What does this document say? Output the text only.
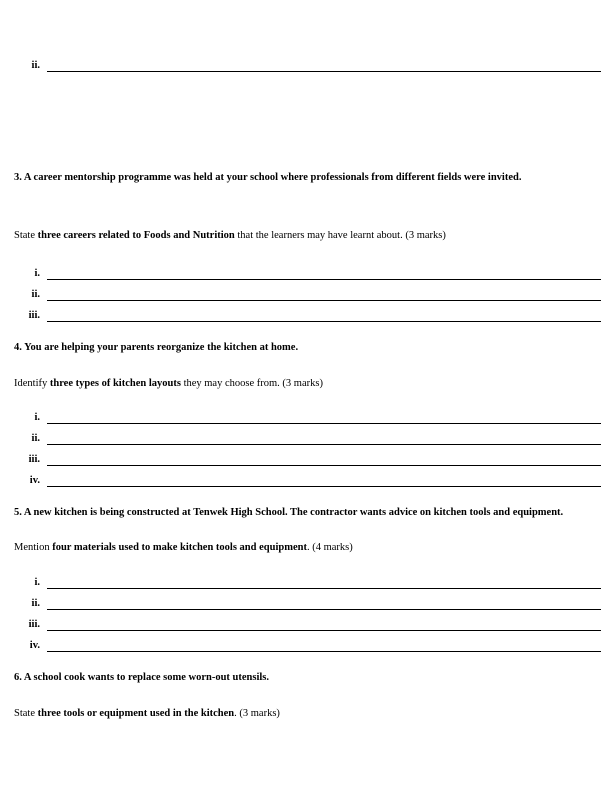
ii.

3. A career mentorship programme was held at your school where professionals from different fields were invited.

State three careers related to Foods and Nutrition that the learners may have learnt about. (3 marks)

i.
ii.
iii.

4. You are helping your parents reorganize the kitchen at home.

Identify three types of kitchen layouts they may choose from. (3 marks)

i.
ii.
iii.
iv.

5. A new kitchen is being constructed at Tenwek High School. The contractor wants advice on kitchen tools and equipment.

Mention four materials used to make kitchen tools and equipment. (4 marks)

i.
ii.
iii.
iv.

6. A school cook wants to replace some worn-out utensils.

State three tools or equipment used in the kitchen. (3 marks)
